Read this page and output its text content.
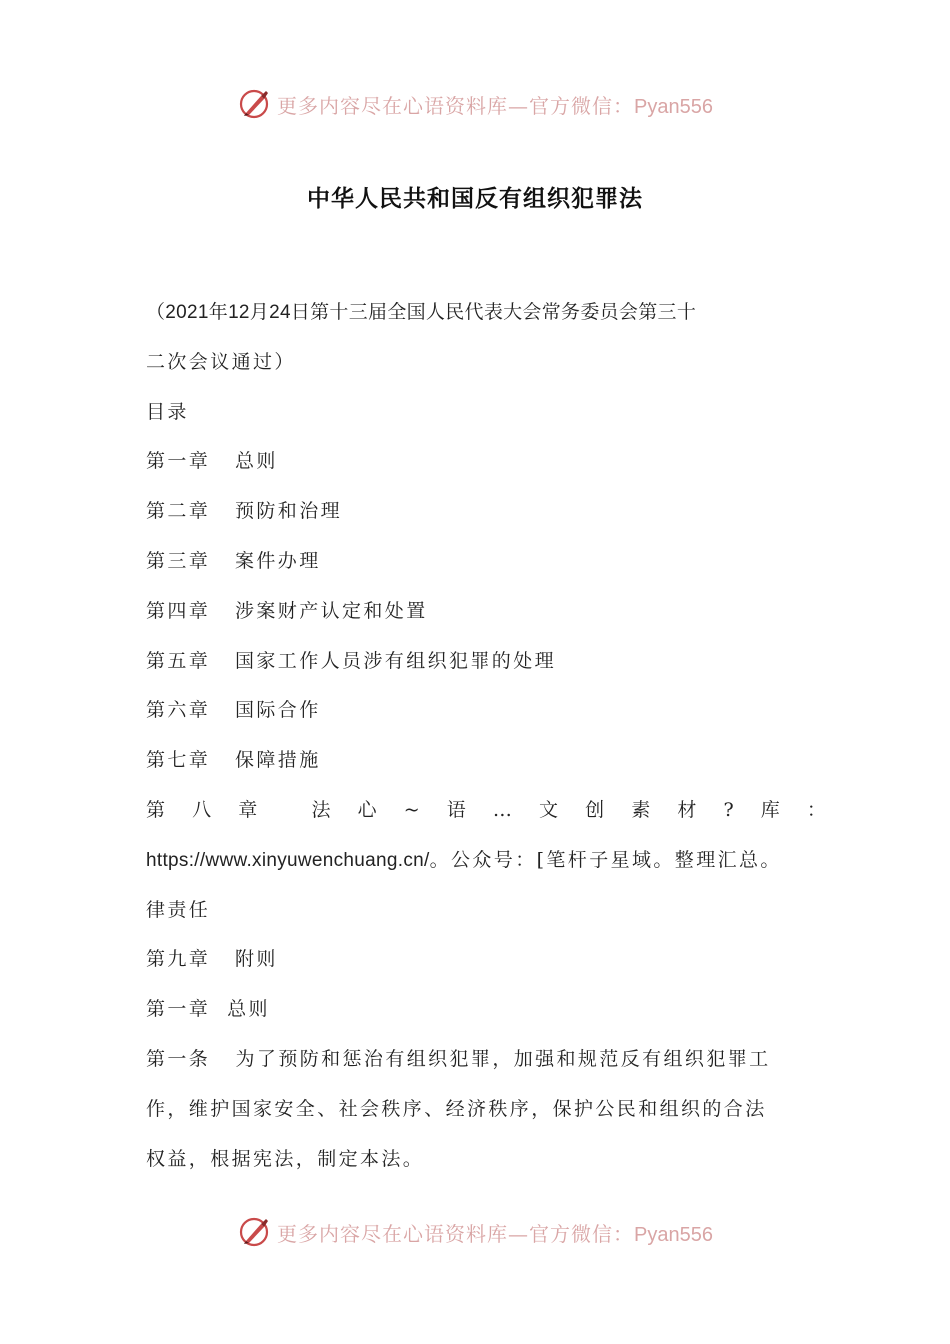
更多内容尽在心语资料库—官方微信：Pyan556
中华人民共和国反有组织犯罪法
（2021年12月24日第十三届全国人民代表大会常务委员会第三十
二次会议通过）
目录
第一章 总则
第二章 预防和治理
第三章 案件办理
第四章 涉案财产认定和处置
第五章 国家工作人员涉有组织犯罪的处理
第六章 国际合作
第七章 保障措施
第 八 章	法 心 ~ 语 … 文 创 素 材 ? 库 ：
https://www.xinyuwenchuang.cn/。公众号：[笔杆子星域。整理汇总。
律责任
第九章 附则
第一章  总则
第一条   为了预防和惩治有组织犯罪，加强和规范反有组织犯罪工
作，维护国家安全、社会秩序、经济秩序，保护公民和组织的合法
权益，根据宪法，制定本法。
更多内容尽在心语资料库—官方微信：Pyan556
